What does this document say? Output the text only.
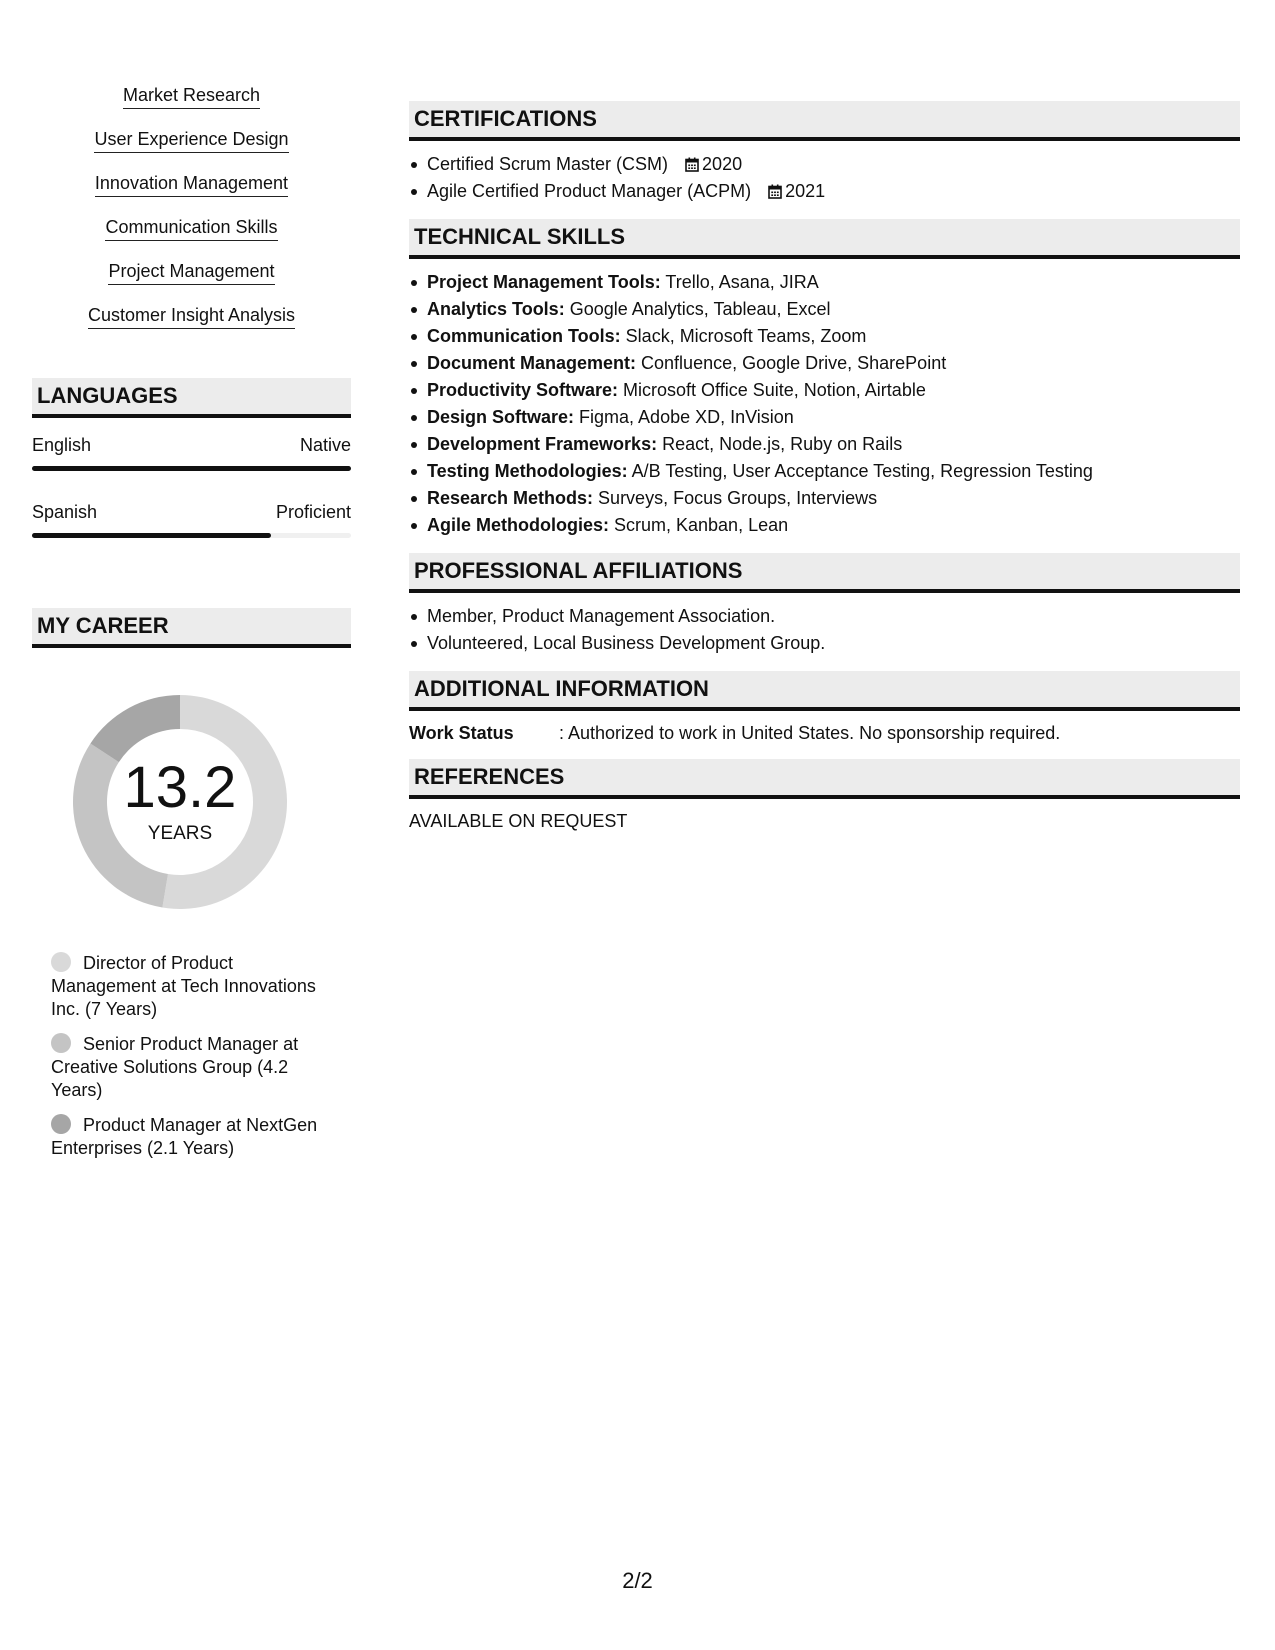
Market Research
User Experience Design
Innovation Management
Communication Skills
Project Management
Customer Insight Analysis
LANGUAGES
English	Native
Spanish	Proficient
MY CAREER
13.2
YEARS
Director of Product Management at Tech Innovations Inc. (7 Years)
Senior Product Manager at Creative Solutions Group (4.2 Years)
Product Manager at NextGen Enterprises (2.1 Years)
CERTIFICATIONS
Certified Scrum Master (CSM) 2020
Agile Certified Product Manager (ACPM) 2021
TECHNICAL SKILLS
Project Management Tools: Trello, Asana, JIRA
Analytics Tools: Google Analytics, Tableau, Excel
Communication Tools: Slack, Microsoft Teams, Zoom
Document Management: Confluence, Google Drive, SharePoint
Productivity Software: Microsoft Office Suite, Notion, Airtable
Design Software: Figma, Adobe XD, InVision
Development Frameworks: React, Node.js, Ruby on Rails
Testing Methodologies: A/B Testing, User Acceptance Testing, Regression Testing
Research Methods: Surveys, Focus Groups, Interviews
Agile Methodologies: Scrum, Kanban, Lean
PROFESSIONAL AFFILIATIONS
Member, Product Management Association.
Volunteered, Local Business Development Group.
ADDITIONAL INFORMATION
Work Status	: Authorized to work in United States. No sponsorship required.
REFERENCES
AVAILABLE ON REQUEST
2/2
